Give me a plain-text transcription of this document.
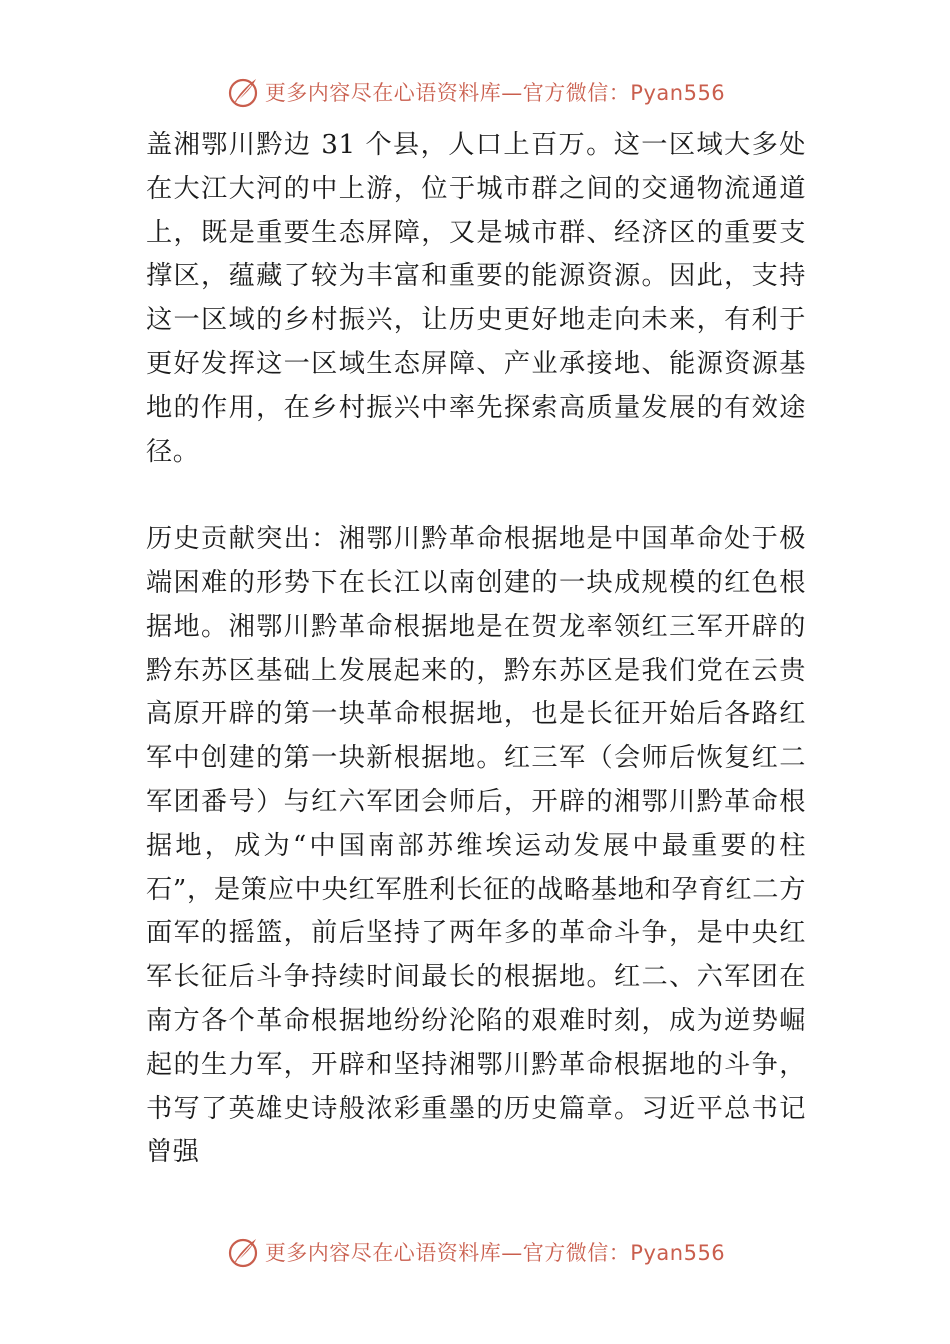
更多内容尽在心语资料库—官方微信：Pyan556

盖湘鄂川黔边 31 个县，人口上百万。这一区域大多处在大江大河的中上游，位于城市群之间的交通物流通道上，既是重要生态屏障，又是城市群、经济区的重要支撑区，蕴藏了较为丰富和重要的能源资源。因此，支持这一区域的乡村振兴，让历史更好地走向未来，有利于更好发挥这一区域生态屏障、产业承接地、能源资源基地的作用，在乡村振兴中率先探索高质量发展的有效途径。

历史贡献突出：湘鄂川黔革命根据地是中国革命处于极端困难的形势下在长江以南创建的一块成规模的红色根据地。湘鄂川黔革命根据地是在贺龙率领红三军开辟的黔东苏区基础上发展起来的，黔东苏区是我们党在云贵高原开辟的第一块革命根据地，也是长征开始后各路红军中创建的第一块新根据地。红三军（会师后恢复红二军团番号）与红六军团会师后，开辟的湘鄂川黔革命根据地，成为“中国南部苏维埃运动发展中最重要的柱石”，是策应中央红军胜利长征的战略基地和孕育红二方面军的摇篮，前后坚持了两年多的革命斗争，是中央红军长征后斗争持续时间最长的根据地。红二、六军团在南方各个革命根据地纷纷沦陷的艰难时刻，成为逆势崛起的生力军，开辟和坚持湘鄂川黔革命根据地的斗争，书写了英雄史诗般浓彩重墨的历史篇章。习近平总书记曾强

更多内容尽在心语资料库—官方微信：Pyan556
